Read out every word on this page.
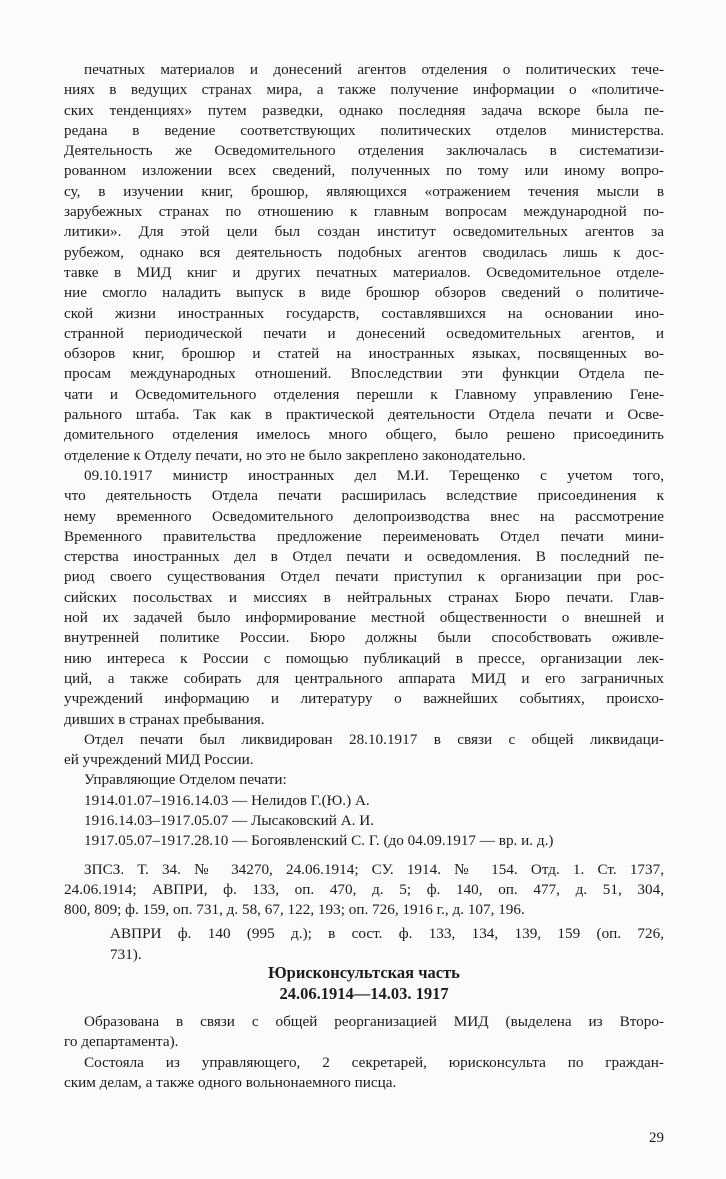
печатных материалов и донесений агентов отделения о политических тече-
ниях в ведущих странах мира, а также получение информации о «политиче-
ских тенденциях» путем разведки, однако последняя задача вскоре была пе-
редана в ведение соответствующих политических отделов министерства.
Деятельность же Осведомительного отделения заключалась в систематизи-
рованном изложении всех сведений, полученных по тому или иному вопро-
су, в изучении книг, брошюр, являющихся «отражением течения мысли в
зарубежных странах по отношению к главным вопросам международной по-
литики». Для этой цели был создан институт осведомительных агентов за
рубежом, однако вся деятельность подобных агентов сводилась лишь к дос-
тавке в МИД книг и других печатных материалов. Осведомительное отделе-
ние смогло наладить выпуск в виде брошюр обзоров сведений о политиче-
ской жизни иностранных государств, составлявшихся на основании ино-
странной периодической печати и донесений осведомительных агентов, и
обзоров книг, брошюр и статей на иностранных языках, посвященных во-
просам международных отношений. Впоследствии эти функции Отдела пе-
чати и Осведомительного отделения перешли к Главному управлению Гене-
рального штаба. Так как в практической деятельности Отдела печати и Осве-
домительного отделения имелось много общего, было решено присоединить
отделение к Отделу печати, но это не было закреплено законодательно.
09.10.1917 министр иностранных дел М.И. Терещенко с учетом того,
что деятельность Отдела печати расширилась вследствие присоединения к
нему временного Осведомительного делопроизводства внес на рассмотрение
Временного правительства предложение переименовать Отдел печати мини-
стерства иностранных дел в Отдел печати и осведомления. В последний пе-
риод своего существования Отдел печати приступил к организации при рос-
сийских посольствах и миссиях в нейтральных странах Бюро печати. Глав-
ной их задачей было информирование местной общественности о внешней и
внутренней политике России. Бюро должны были способствовать оживле-
нию интереса к России с помощью публикаций в прессе, организации лек-
ций, а также собирать для центрального аппарата МИД и его заграничных
учреждений информацию и литературу о важнейших событиях, происхо-
дивших в странах пребывания.
Отдел печати был ликвидирован 28.10.1917 в связи с общей ликвидаци-
ей учреждений МИД России.
Управляющие Отделом печати:
1914.01.07–1916.14.03 — Нелидов Г.(Ю.) А.
1916.14.03–1917.05.07 — Лысаковский А. И.
1917.05.07–1917.28.10 — Богоявленский С. Г. (до 04.09.1917 — вр. и. д.)
ЗПСЗ. Т. 34. № 34270, 24.06.1914; СУ. 1914. № 154. Отд. 1. Ст. 1737,
24.06.1914; АВПРИ, ф. 133, оп. 470, д. 5; ф. 140, оп. 477, д. 51, 304,
800, 809; ф. 159, оп. 731, д. 58, 67, 122, 193; оп. 726, 1916 г., д. 107, 196.
АВПРИ ф. 140 (995 д.); в сост. ф. 133, 134, 139, 159 (оп. 726,
731).
Юрисконсультская часть
24.06.1914—14.03. 1917
Образована в связи с общей реорганизацией МИД (выделена из Второ-
го департамента).
Состояла из управляющего, 2 секретарей, юрисконсульта по граждан-
ским делам, а также одного вольнонаемного писца.
29
